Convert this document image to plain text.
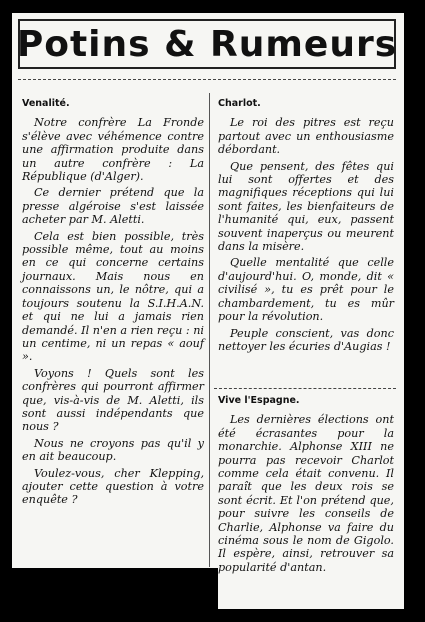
Potins & Rumeurs
Venalité.

Notre confrère La Fronde s'élève avec véhémence contre une affirmation produite dans un autre confrère : La République (d'Alger).

Ce dernier prétend que la presse algéroise s'est laissée acheter par M. Aletti.

Cela est bien possible, très possible même, tout au moins en ce qui concerne certains journaux. Mais nous en connaissons un, le nôtre, qui a toujours soutenu la S.I.H.A.N. et qui ne lui a jamais rien demandé. Il n'en a rien reçu : ni un centime, ni un repas « aouf ».

Voyons ! Quels sont les confrères qui pourront affirmer que, vis-à-vis de M. Aletti, ils sont aussi indépendants que nous ?

Nous ne croyons pas qu'il y en ait beaucoup.

Voulez-vous, cher Klepping, ajouter cette question à votre enquête ?

Charlot.

Le roi des pitres est reçu partout avec un enthousiasme débordant.

Que pensent, des fêtes qui lui sont offertes et des magnifiques réceptions qui lui sont faites, les bienfaiteurs de l'humanité qui, eux, passent souvent inaperçus ou meurent dans la misère.

Quelle mentalité que celle d'aujourd'hui. O, monde, dit « civilisé », tu es prêt pour le chambardement, tu es mûr pour la révolution.

Peuple conscient, vas donc nettoyer les écuries d'Augias !

Vive l'Espagne.

Les dernières élections ont été écrasantes pour la monarchie. Alphonse XIII ne pourra pas recevoir Charlot comme cela était convenu. Il paraît que les deux rois se sont écrit. Et l'on prétend que, pour suivre les conseils de Charlie, Alphonse va faire du cinéma sous le nom de Gigolo. Il espère, ainsi, retrouver sa popularité d'antan.
